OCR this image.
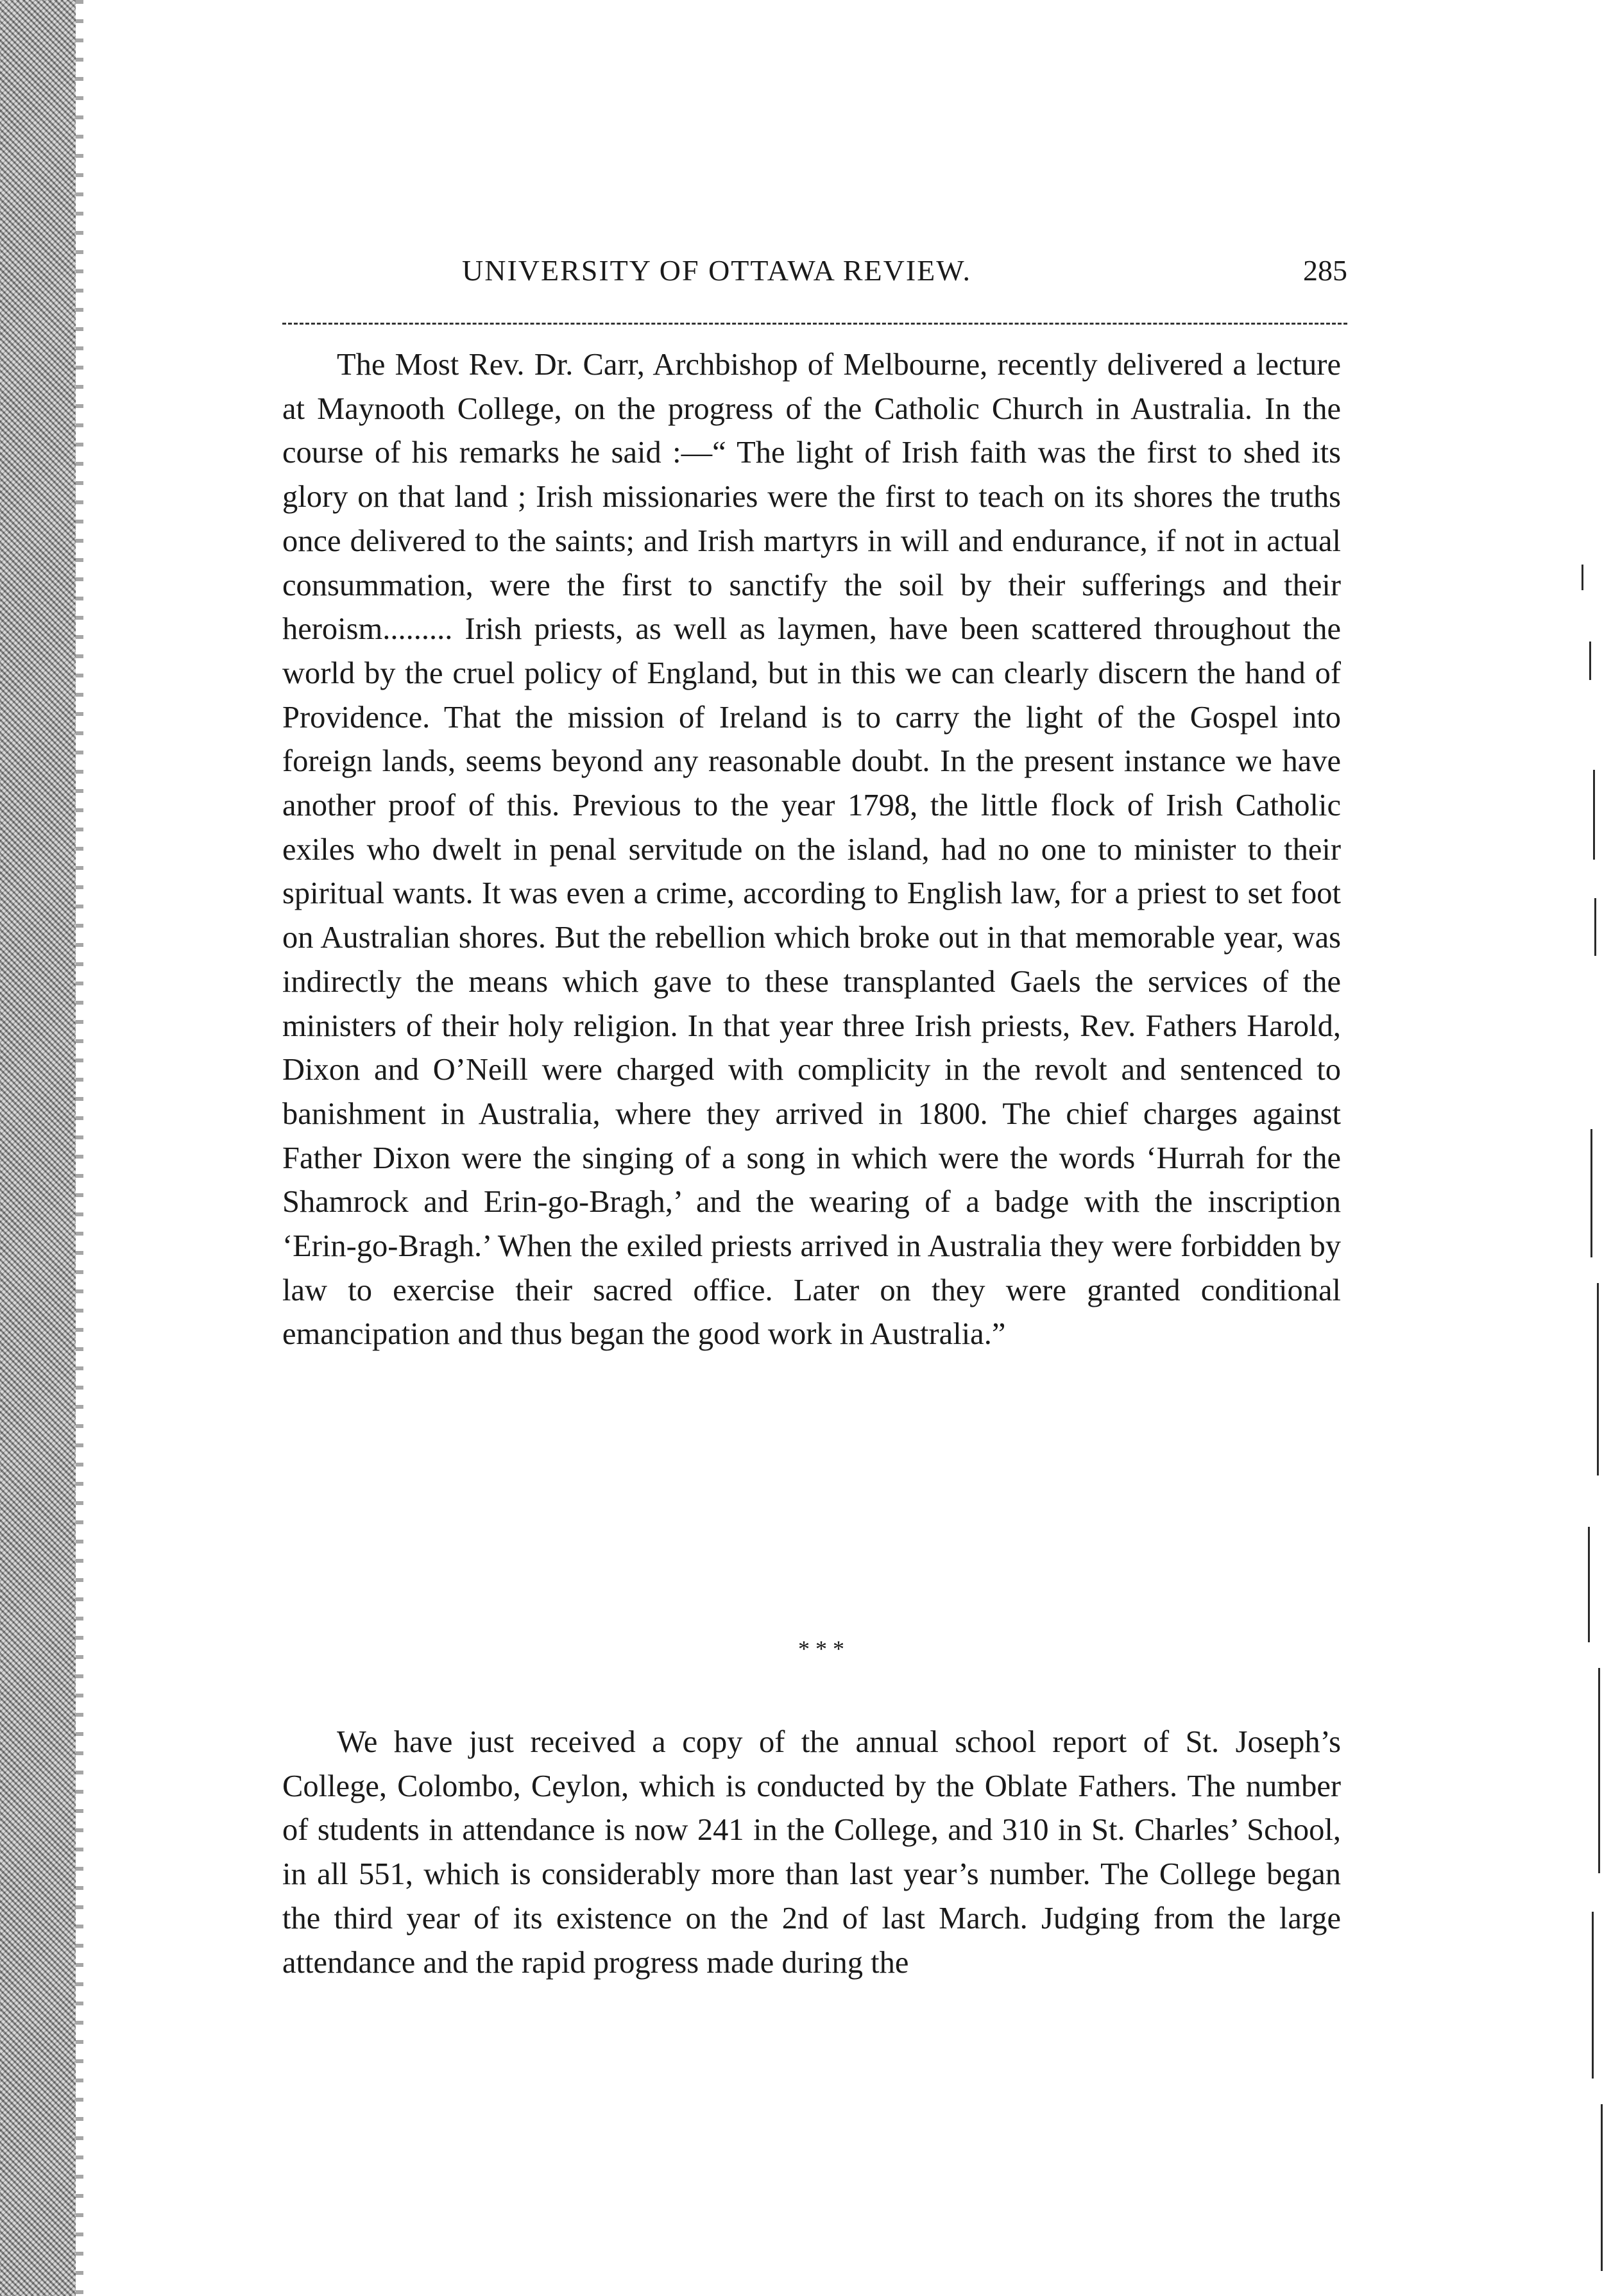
UNIVERSITY OF OTTAWA REVIEW.	285

The Most Rev. Dr. Carr, Archbishop of Melbourne, recently delivered a lecture at Maynooth College, on the progress of the Catholic Church in Australia. In the course of his remarks he said :—“ The light of Irish faith was the first to shed its glory on that land ; Irish missionaries were the first to teach on its shores the truths once delivered to the saints; and Irish martyrs in will and endurance, if not in actual consummation, were the first to sanctify the soil by their sufferings and their heroism......... Irish priests, as well as laymen, have been scattered throughout the world by the cruel policy of England, but in this we can clearly discern the hand of Providence. That the mission of Ireland is to carry the light of the Gospel into foreign lands, seems beyond any reasonable doubt. In the present instance we have another proof of this. Previous to the year 1798, the little flock of Irish Catholic exiles who dwelt in penal servitude on the island, had no one to minister to their spiritual wants. It was even a crime, according to English law, for a priest to set foot on Australian shores. But the rebellion which broke out in that memorable year, was indirectly the means which gave to these transplanted Gaels the services of the ministers of their holy religion. In that year three Irish priests, Rev. Fathers Harold, Dixon and O’Neill were charged with complicity in the revolt and sentenced to banishment in Australia, where they arrived in 1800. The chief charges against Father Dixon were the singing of a song in which were the words ‘Hurrah for the Shamrock and Erin-go-Bragh,’ and the wearing of a badge with the inscription ‘Erin-go-Bragh.’ When the exiled priests arrived in Australia they were forbidden by law to exercise their sacred office. Later on they were granted conditional emancipation and thus began the good work in Australia.”

* * *

We have just received a copy of the annual school report of St. Joseph’s College, Colombo, Ceylon, which is conducted by the Oblate Fathers. The number of students in attendance is now 241 in the College, and 310 in St. Charles’ School, in all 551, which is considerably more than last year’s number. The College began the third year of its existence on the 2nd of last March. Judging from the large attendance and the rapid progress made during the
